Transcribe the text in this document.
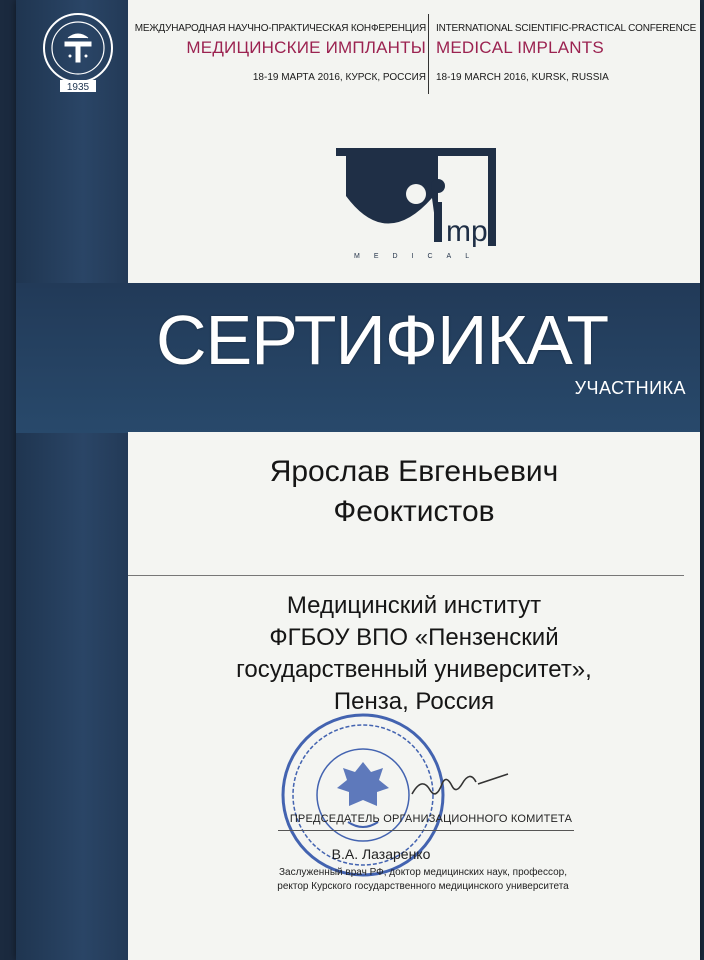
1935
МЕЖДУНАРОДНАЯ НАУЧНО-ПРАКТИЧЕСКАЯ КОНФЕРЕНЦИЯ
МЕДИЦИНСКИЕ ИМПЛАНТЫ
18-19 МАРТА 2016, КУРСК, РОССИЯ
INTERNATIONAL SCIENTIFIC-PRACTICAL CONFERENCE
MEDICAL IMPLANTS
18-19 MARCH 2016, KURSK, RUSSIA
mpl
MEDICAL
СЕРТИФИКАТ
УЧАСТНИКА
Ярослав Евгеньевич
Феоктистов
Медицинский институт
ФГБОУ ВПО «Пензенский
государственный университет»,
Пенза, Россия
ПРЕДСЕДАТЕЛЬ ОРГАНИЗАЦИОННОГО КОМИТЕТА
В.А. Лазаренко
Заслуженный врач РФ, доктор медицинских наук, профессор,
ректор Курского государственного медицинского университета
